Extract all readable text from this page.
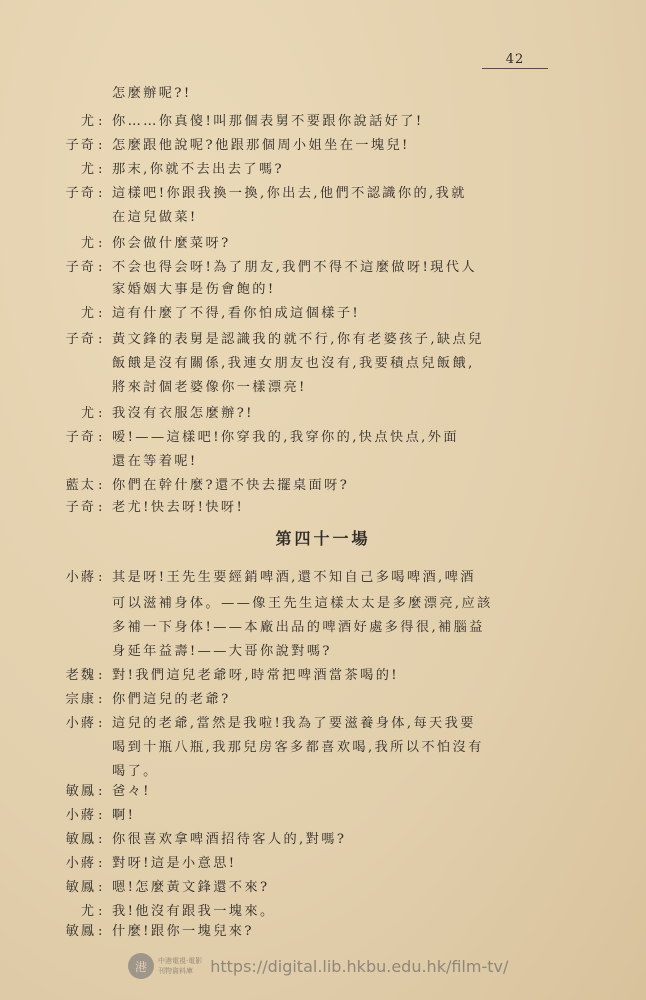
42
怎麼辦呢?!
尤 : 你……你真傻!叫那個表舅不要跟你說話好了!
子奇 : 怎麼跟他說呢?他跟那個周小姐坐在一塊兒!
尤 : 那末,你就不去出去了嗎?
子奇 : 這樣吧!你跟我換一換,你出去,他們不認識你的,我就
在這兒做菜!
尤 : 你会做什麼菜呀?
子奇 : 不会也得会呀!為了朋友,我們不得不這麼做呀!現代人
家婚姻大事是伤會飽的!
尤 : 這有什麼了不得,看你怕成這個樣子!
子奇 : 黃文鋒的表舅是認識我的就不行,你有老婆孩子,缺点兒
飯餓是沒有關係,我連女朋友也沒有,我要積点兒飯餓,
將來討個老婆像你一樣漂亮!
尤 : 我沒有衣服怎麼辦?!
子奇 : 嗳!——這樣吧!你穿我的,我穿你的,快点快点,外面
還在等着呢!
藍太 : 你們在幹什麼?還不快去擺桌面呀?
子奇 : 老尤!快去呀!快呀!
小蔣 : 其是呀!王先生要經銷啤酒,還不知自己多喝啤酒,啤酒
可以滋補身体。——像王先生這樣太太是多麼漂亮,应該
多補一下身体!——本廠出品的啤酒好處多得很,補腦益
身延年益壽!——大哥你說對嗎?
老魏 : 對!我們這兒老爺呀,時常把啤酒當茶喝的!
宗康 : 你們這兒的老爺?
小蔣 : 這兒的老爺,當然是我啦!我為了要滋養身体,每天我要
喝到十瓶八瓶,我那兒房客多都喜欢喝,我所以不怕沒有
喝了。
敏鳳 : 爸々!
小蔣 : 啊!
敏鳳 : 你很喜欢拿啤酒招待客人的,對嗎?
小蔣 : 對呀!這是小意思!
敏鳳 : 嗯!怎麼黃文鋒還不來?
尤 : 我!他沒有跟我一塊來。
敏鳳 : 什麼!跟你一塊兒來?
第四十一場
港	中港電視·電影
刊物資料庫	https://digital.lib.hkbu.edu.hk/film-tv/
